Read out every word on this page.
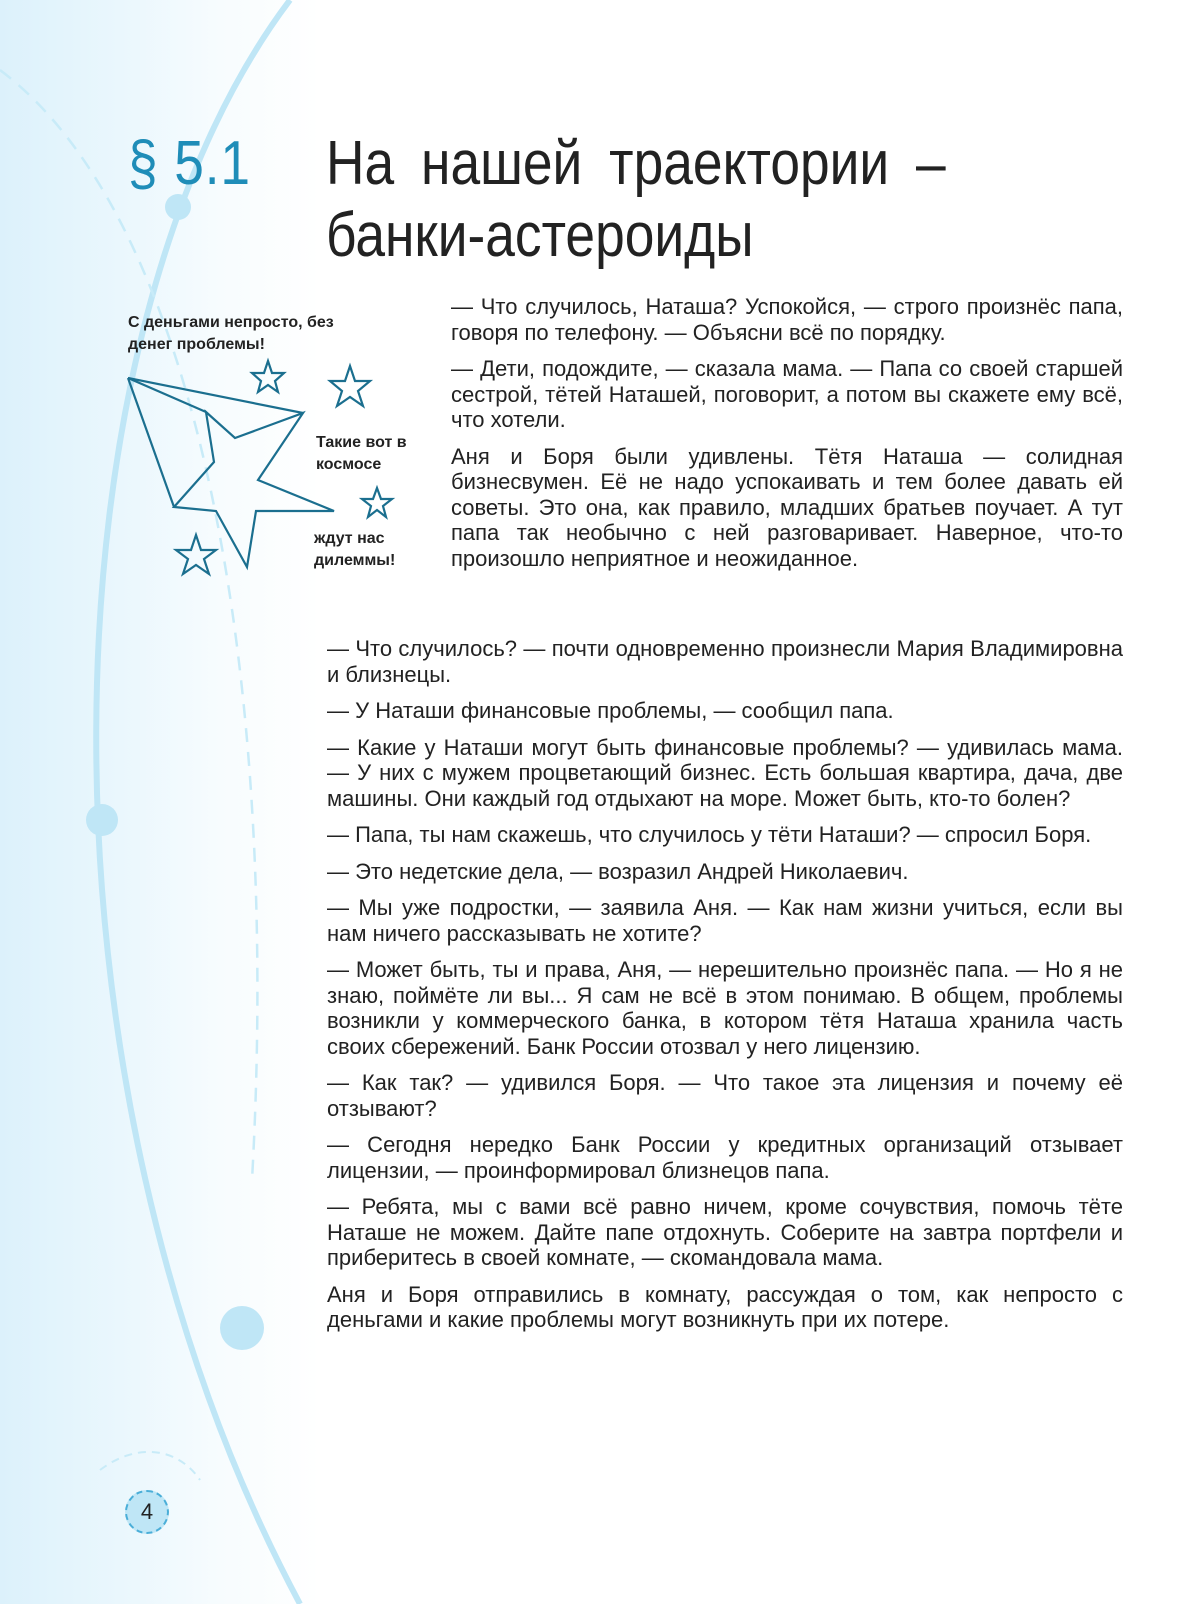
§ 5.1 На нашей траектории –
банки-астероиды
С деньгами непросто, без денег проблемы!
Такие вот в космосе
ждут нас дилеммы!

— Что случилось, Наташа? Успокойся, — строго произнёс папа, говоря по телефону. — Объясни всё по порядку.

— Дети, подождите, — сказала мама. — Папа со своей старшей сестрой, тётей Наташей, поговорит, а потом вы скажете ему всё, что хотели.

Аня и Боря были удивлены. Тётя Наташа — солидная бизнесвумен. Её не надо успокаивать и тем более давать ей советы. Это она, как правило, младших братьев поучает. А тут папа так необычно с ней разговаривает. Наверное, что-то произошло неприятное и неожиданное.

— Что случилось? — почти одновременно произнесли Мария Владимировна и близнецы.

— У Наташи финансовые проблемы, — сообщил папа.

— Какие у Наташи могут быть финансовые проблемы? — удивилась мама. — У них с мужем процветающий бизнес. Есть большая квартира, дача, две машины. Они каждый год отдыхают на море. Может быть, кто-то болен?

— Папа, ты нам скажешь, что случилось у тёти Наташи? — спросил Боря.

— Это недетские дела, — возразил Андрей Николаевич.

— Мы уже подростки, — заявила Аня. — Как нам жизни учиться, если вы нам ничего рассказывать не хотите?

— Может быть, ты и права, Аня, — нерешительно произнёс папа. — Но я не знаю, поймёте ли вы... Я сам не всё в этом понимаю. В общем, проблемы возникли у коммерческого банка, в котором тётя Наташа хранила часть своих сбережений. Банк России отозвал у него лицензию.

— Как так? — удивился Боря. — Что такое эта лицензия и почему её отзывают?

— Сегодня нередко Банк России у кредитных организаций отзывает лицензии, — проинформировал близнецов папа.

— Ребята, мы с вами всё равно ничем, кроме сочувствия, помочь тёте Наташе не можем. Дайте папе отдохнуть. Соберите на завтра портфели и приберитесь в своей комнате, — скомандовала мама.

Аня и Боря отправились в комнату, рассуждая о том, как непросто с деньгами и какие проблемы могут возникнуть при их потере.

4
